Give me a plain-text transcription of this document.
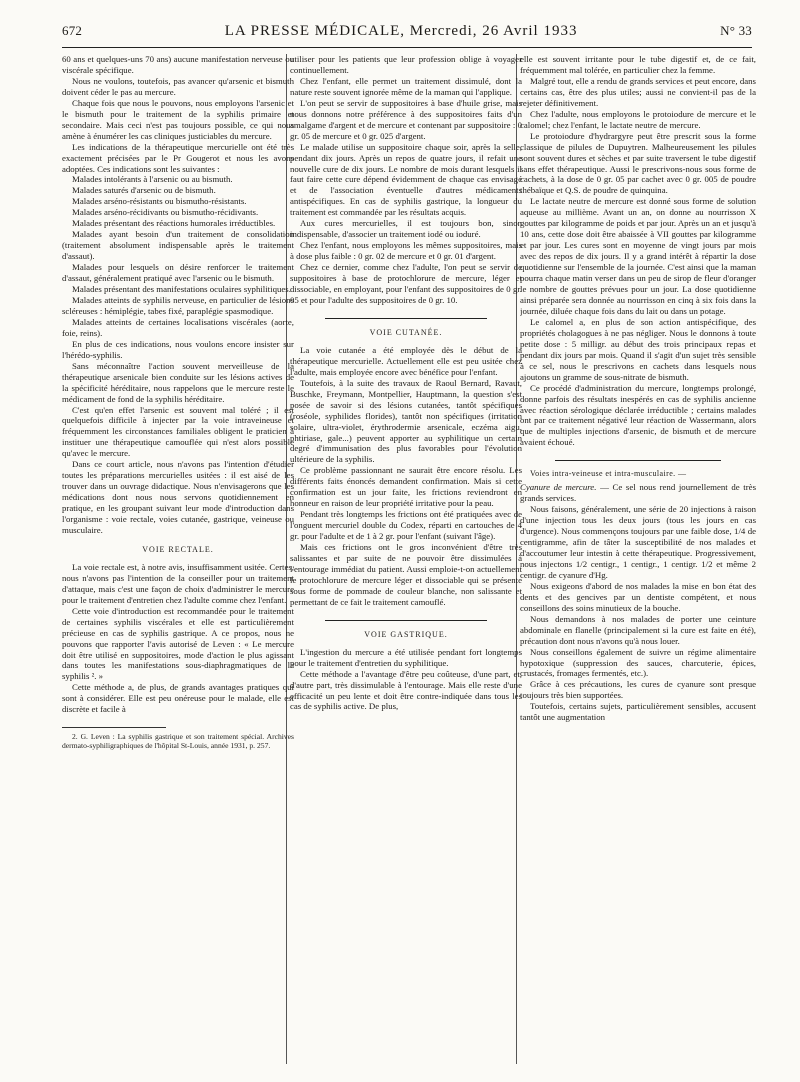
672	LA PRESSE MÉDICALE, Mercredi, 26 Avril 1933	N° 33

60 ans et quelques-uns 70 ans) aucune manifestation nerveuse ou viscérale spécifique.

Nous ne voulons, toutefois, pas avancer qu'arsenic et bismuth doivent céder le pas au mercure.

Chaque fois que nous le pouvons, nous employons l'arsenic et le bismuth pour le traitement de la syphilis primaire et secondaire. Mais ceci n'est pas toujours possible, ce qui nous amène à énumérer les cas cliniques justiciables du mercure.

Les indications de la thérapeutique mercurielle ont été très exactement précisées par le Pr Gougerot et nous les avons adoptées. Ces indications sont les suivantes :

Malades intolérants à l'arsenic ou au bismuth.

Malades saturés d'arsenic ou de bismuth.

Malades arséno-résistants ou bismutho-résistants.

Malades arséno-récidivants ou bismutho-récidivants.

Malades présentant des réactions humorales irréductibles.

Malades ayant besoin d'un traitement de consolidation (traitement absolument indispensable après le traitement d'assaut).

Malades pour lesquels on désire renforcer le traitement d'assaut, généralement pratiqué avec l'arsenic ou le bismuth.

Malades présentant des manifestations oculaires syphilitiques.

Malades atteints de syphilis nerveuse, en particulier de lésions scléreuses : hémiplégie, tabes fixé, paraplégie spasmodique.

Malades atteints de certaines localisations viscérales (aorte, foie, reins).

En plus de ces indications, nous voulons encore insister sur l'hérédo-syphilis.

Sans méconnaître l'action souvent merveilleuse de la thérapeutique arsenicale bien conduite sur les lésions actives de la spécificité héréditaire, nous rappelons que le mercure reste le médicament de fond de la syphilis héréditaire.

C'est qu'en effet l'arsenic est souvent mal toléré ; il est quelquefois difficile à injecter par la voie intraveineuse et fréquemment les circonstances familiales obligent le praticien à instituer une thérapeutique camouflée qui n'est alors possible qu'avec le mercure.

Dans ce court article, nous n'avons pas l'intention d'étudier toutes les préparations mercurielles usitées : il est aisé de les trouver dans un ouvrage didactique. Nous n'envisagerons que les médications dont nous nous servons quotidiennement en pratique, en les groupant suivant leur mode d'introduction dans l'organisme : voie rectale, voies cutanée, gastrique, veineuse ou musculaire.

VOIE RECTALE.

La voie rectale est, à notre avis, insuffisamment usitée. Certes, nous n'avons pas l'intention de la conseiller pour un traitement d'attaque, mais c'est une façon de choix d'administrer le mercure pour le traitement d'entretien chez l'adulte comme chez l'enfant.

Cette voie d'introduction est recommandée pour le traitement de certaines syphilis viscérales et elle est particulièrement précieuse en cas de syphilis gastrique. A ce propos, nous ne pouvons que rapporter l'avis autorisé de Leven : « Le mercure doit être utilisé en suppositoires, mode d'action le plus agissant dans toutes les manifestations sous-diaphragmatiques de la syphilis ². »

Cette méthode a, de plus, de grands avantages pratiques qui sont à considérer. Elle est peu onéreuse pour le malade, elle est discrète et facile à

2. G. Leven : La syphilis gastrique et son traitement spécial. Archives dermato-syphiligraphiques de l'hôpital St-Louis, année 1931, p. 257.

utiliser pour les patients que leur profession oblige à voyager continuellement.

Chez l'enfant, elle permet un traitement dissimulé, dont la nature reste souvent ignorée même de la maman qui l'applique.

L'on peut se servir de suppositoires à base d'huile grise, mais nous donnons notre préférence à des suppositoires faits d'un amalgame d'argent et de mercure et contenant par suppositoire : 0 gr. 05 de mercure et 0 gr. 025 d'argent.

Le malade utilise un suppositoire chaque soir, après la selle, pendant dix jours. Après un repos de quatre jours, il refait une nouvelle cure de dix jours. Le nombre de mois durant lesquels il faut faire cette cure dépend évidemment de chaque cas envisagé et de l'association éventuelle d'autres médicaments antispécifiques. En cas de syphilis gastrique, la longueur du traitement est commandée par les résultats acquis.

Aux cures mercurielles, il est toujours bon, sinon indispensable, d'associer un traitement iodé ou ioduré.

Chez l'enfant, nous employons les mêmes suppositoires, mais à dose plus faible : 0 gr. 02 de mercure et 0 gr. 01 d'argent.

Chez ce dernier, comme chez l'adulte, l'on peut se servir de suppositoires à base de protochlorure de mercure, léger et dissociable, en employant, pour l'enfant des suppositoires de 0 gr. 05 et pour l'adulte des suppositoires de 0 gr. 10.

VOIE CUTANÉE.

La voie cutanée a été employée dès le début de la thérapeutique mercurielle. Actuellement elle est peu usitée chez l'adulte, mais employée encore avec bénéfice pour l'enfant.

Toutefois, à la suite des travaux de Raoul Bernard, Ravaut, Buschke, Freymann, Montpellier, Hauptmann, la question s'est posée de savoir si des lésions cutanées, tantôt spécifiques (roséole, syphilides florides), tantôt non spécifiques (irritation solaire, ultra-violet, érythrodermie arsenicale, eczéma aigu, phtiriase, gale...) peuvent apporter au syphilitique un certain degré d'immunisation des plus favorables pour l'évolution ultérieure de la syphilis.

Ce problème passionnant ne saurait être encore résolu. Les différents faits énoncés demandent confirmation. Mais si cette confirmation est un jour faite, les frictions reviendront en honneur en raison de leur propriété irritative pour la peau.

Pendant très longtemps les frictions ont été pratiquées avec de l'onguent mercuriel double du Codex, réparti en cartouches de 4 gr. pour l'adulte et de 1 à 2 gr. pour l'enfant (suivant l'âge).

Mais ces frictions ont le gros inconvénient d'être très salissantes et par suite de ne pouvoir être dissimulées à l'entourage immédiat du patient. Aussi emploie-t-on actuellement le protochlorure de mercure léger et dissociable qui se présente sous forme de pommade de couleur blanche, non salissante et permettant de ce fait le traitement camouflé.

VOIE GASTRIQUE.

L'ingestion du mercure a été utilisée pendant fort longtemps pour le traitement d'entretien du syphilitique.

Cette méthode a l'avantage d'être peu coûteuse, d'une part, et, d'autre part, très dissimulable à l'entourage. Mais elle reste d'une efficacité un peu lente et doit être contre-indiquée dans tous les cas de syphilis active. De plus,

elle est souvent irritante pour le tube digestif et, de ce fait, fréquemment mal tolérée, en particulier chez la femme.

Malgré tout, elle a rendu de grands services et peut encore, dans certains cas, être des plus utiles; aussi ne convient-il pas de la rejeter définitivement.

Chez l'adulte, nous employons le protoiodure de mercure et le calomel; chez l'enfant, le lactate neutre de mercure.

Le protoiodure d'hydrargyre peut être prescrit sous la forme classique de pilules de Dupuytren. Malheureusement les pilules sont souvent dures et sèches et par suite traversent le tube digestif sans effet thérapeutique. Aussi le prescrivons-nous sous forme de cachets, à la dose de 0 gr. 05 par cachet avec 0 gr. 005 de poudre thébaïque et Q.S. de poudre de quinquina.

Le lactate neutre de mercure est donné sous forme de solution aqueuse au millième. Avant un an, on donne au nourrisson X gouttes par kilogramme de poids et par jour. Après un an et jusqu'à 10 ans, cette dose doit être abaissée à VII gouttes par kilogramme et par jour. Les cures sont en moyenne de vingt jours par mois avec des repos de dix jours. Il y a grand intérêt à répartir la dose quotidienne sur l'ensemble de la journée. C'est ainsi que la maman pourra chaque matin verser dans un peu de sirop de fleur d'oranger le nombre de gouttes prévues pour un jour. La dose quotidienne ainsi préparée sera donnée au nourrisson en cinq à six fois dans la journée, diluée chaque fois dans du lait ou dans un potage.

Le calomel a, en plus de son action antispécifique, des propriétés cholagogues à ne pas négliger. Nous le donnons à toute petite dose : 5 milligr. au début des trois principaux repas et pendant dix jours par mois. Quand il s'agit d'un sujet très sensible à ce sel, nous le prescrivons en cachets dans lesquels nous ajoutons un gramme de sous-nitrate de bismuth.

Ce procédé d'administration du mercure, longtemps prolongé, donne parfois des résultats inespérés en cas de syphilis ancienne avec réaction sérologique déclarée irréductible ; certains malades ont par ce traitement négativé leur réaction de Wassermann, alors que de multiples injections d'arsenic, de bismuth et de mercure avaient échoué.

Voies intra-veineuse et intra-musculaire. —

Cyanure de mercure. — Ce sel nous rend journellement de très grands services.

Nous faisons, généralement, une série de 20 injections à raison d'une injection tous les deux jours (tous les jours en cas d'urgence). Nous commençons toujours par une faible dose, 1/4 de centigramme, afin de tâter la susceptibilité de nos malades et d'accoutumer leur intestin à cette thérapeutique. Progressivement, nous injectons 1/2 centigr., 1 centigr., 1 centigr. 1/2 et même 2 centigr. de cyanure d'Hg.

Nous exigeons d'abord de nos malades la mise en bon état des dents et des gencives par un dentiste compétent, et nous conseillons des soins minutieux de la bouche.

Nous demandons à nos malades de porter une ceinture abdominale en flanelle (principalement si la cure est faite en été), précaution dont nous n'avons qu'à nous louer.

Nous conseillons également de suivre un régime alimentaire hypotoxique (suppression des sauces, charcuterie, épices, crustacés, fromages fermentés, etc.).

Grâce à ces précautions, les cures de cyanure sont presque toujours très bien supportées.

Toutefois, certains sujets, particulièrement sensibles, accusent tantôt une augmentation
